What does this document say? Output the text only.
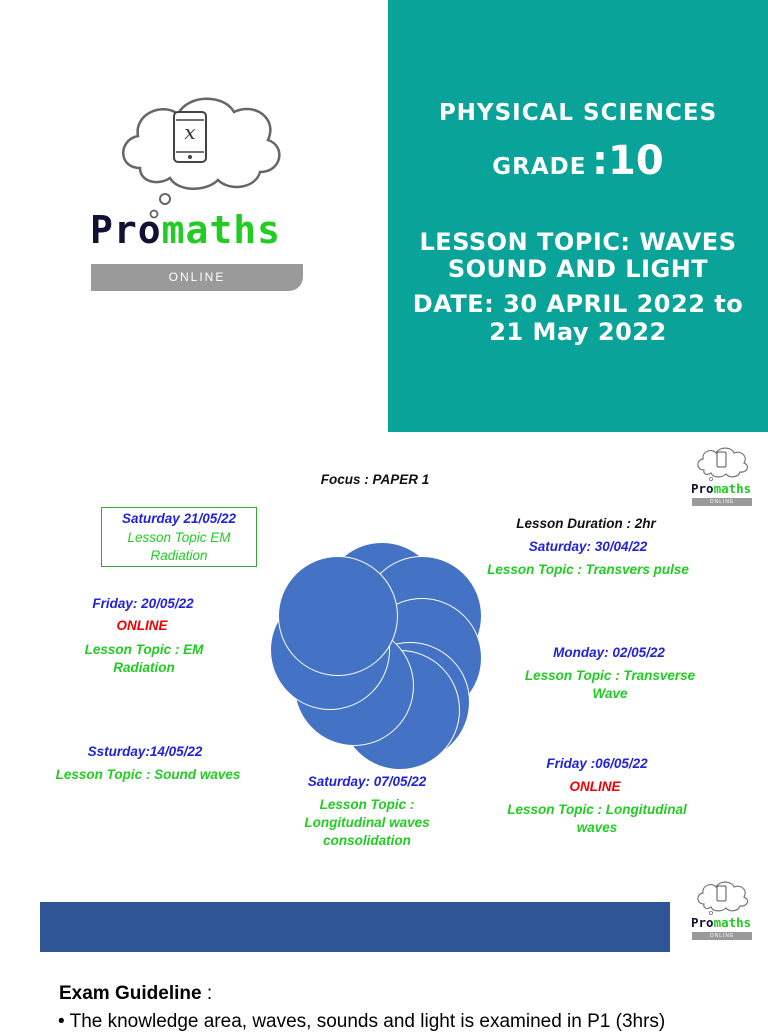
x
Promaths
ONLINE
PHYSICAL SCIENCES
GRADE :10
LESSON TOPIC: WAVES
SOUND AND LIGHT
DATE: 30 APRIL 2022 to
21 May 2022
Promaths
ONLINE
Focus : PAPER 1
Saturday 21/05/22
Lesson Topic EM Radiation
Friday: 20/05/22
ONLINE
Lesson Topic : EM Radiation
Ssturday:14/05/22
Lesson Topic : Sound waves	Saturday: 07/05/22
Lesson Topic : Longitudinal waves consolidation
Friday :06/05/22
ONLINE
Lesson Topic : Longitudinal waves
Monday: 02/05/22
Lesson Topic : Transverse Wave
Lesson Duration : 2hr
Saturday: 30/04/22
Lesson Topic : Transvers pulse
Promaths
ONLINE
Exam Guideline :
• The knowledge area, waves, sounds and light is examined in P1 (3hrs)
